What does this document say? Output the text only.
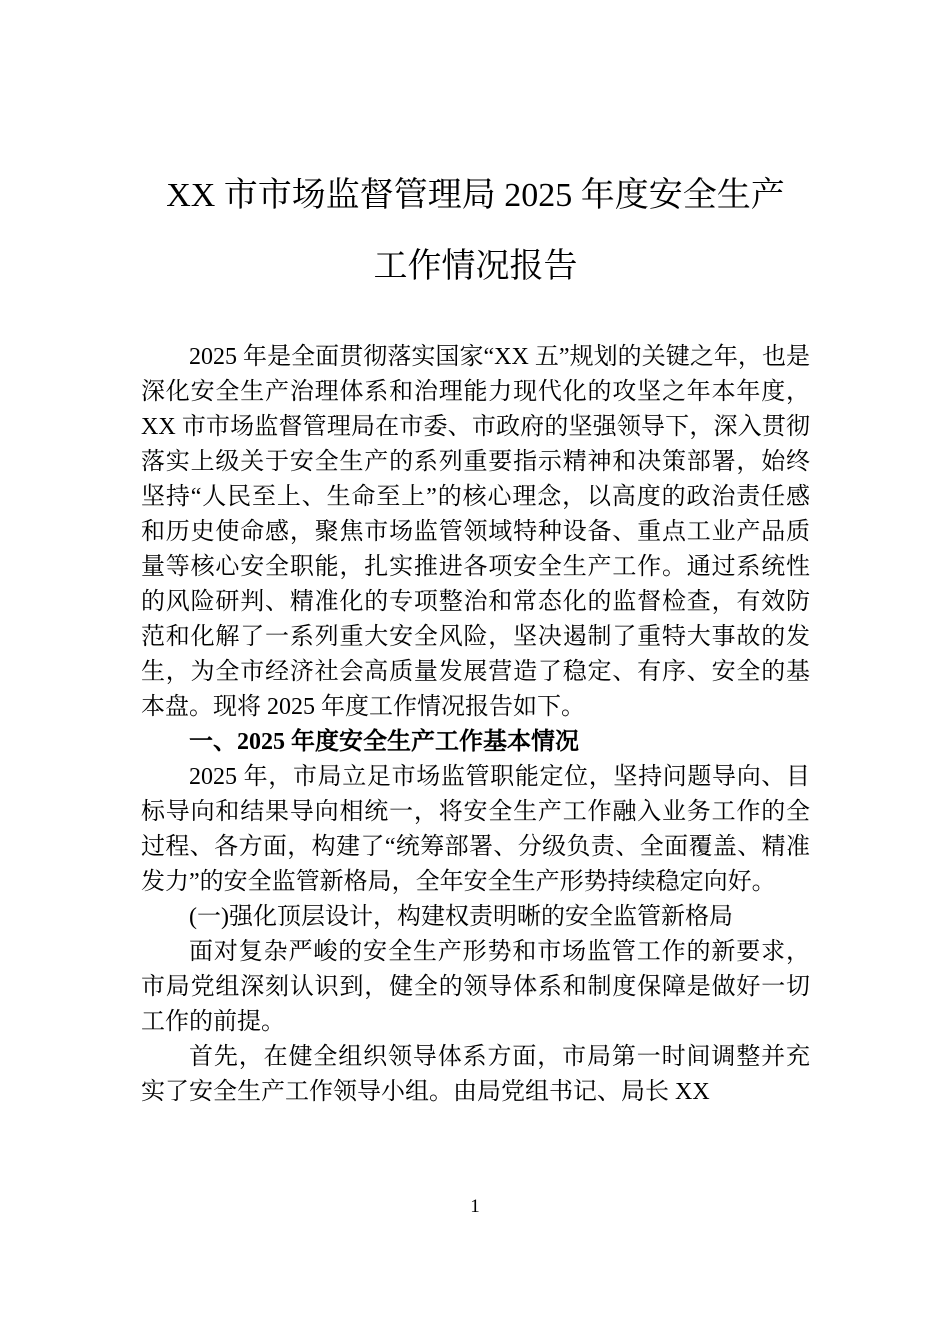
XX 市市场监督管理局 2025 年度安全生产
工作情况报告

2025 年是全面贯彻落实国家“XX 五”规划的关键之年，也是深化安全生产治理体系和治理能力现代化的攻坚之年本年度，XX 市市场监督管理局在市委、市政府的坚强领导下，深入贯彻落实上级关于安全生产的系列重要指示精神和决策部署，始终坚持“人民至上、生命至上”的核心理念，以高度的政治责任感和历史使命感，聚焦市场监管领域特种设备、重点工业产品质量等核心安全职能，扎实推进各项安全生产工作。通过系统性的风险研判、精准化的专项整治和常态化的监督检查，有效防范和化解了一系列重大安全风险，坚决遏制了重特大事故的发生，为全市经济社会高质量发展营造了稳定、有序、安全的基本盘。现将 2025 年度工作情况报告如下。

一、2025 年度安全生产工作基本情况

2025 年，市局立足市场监管职能定位，坚持问题导向、目标导向和结果导向相统一，将安全生产工作融入业务工作的全过程、各方面，构建了“统筹部署、分级负责、全面覆盖、精准发力”的安全监管新格局，全年安全生产形势持续稳定向好。

(一)强化顶层设计，构建权责明晰的安全监管新格局

面对复杂严峻的安全生产形势和市场监管工作的新要求，市局党组深刻认识到，健全的领导体系和制度保障是做好一切工作的前提。

首先，在健全组织领导体系方面，市局第一时间调整并充实了安全生产工作领导小组。由局党组书记、局长 XX

1
